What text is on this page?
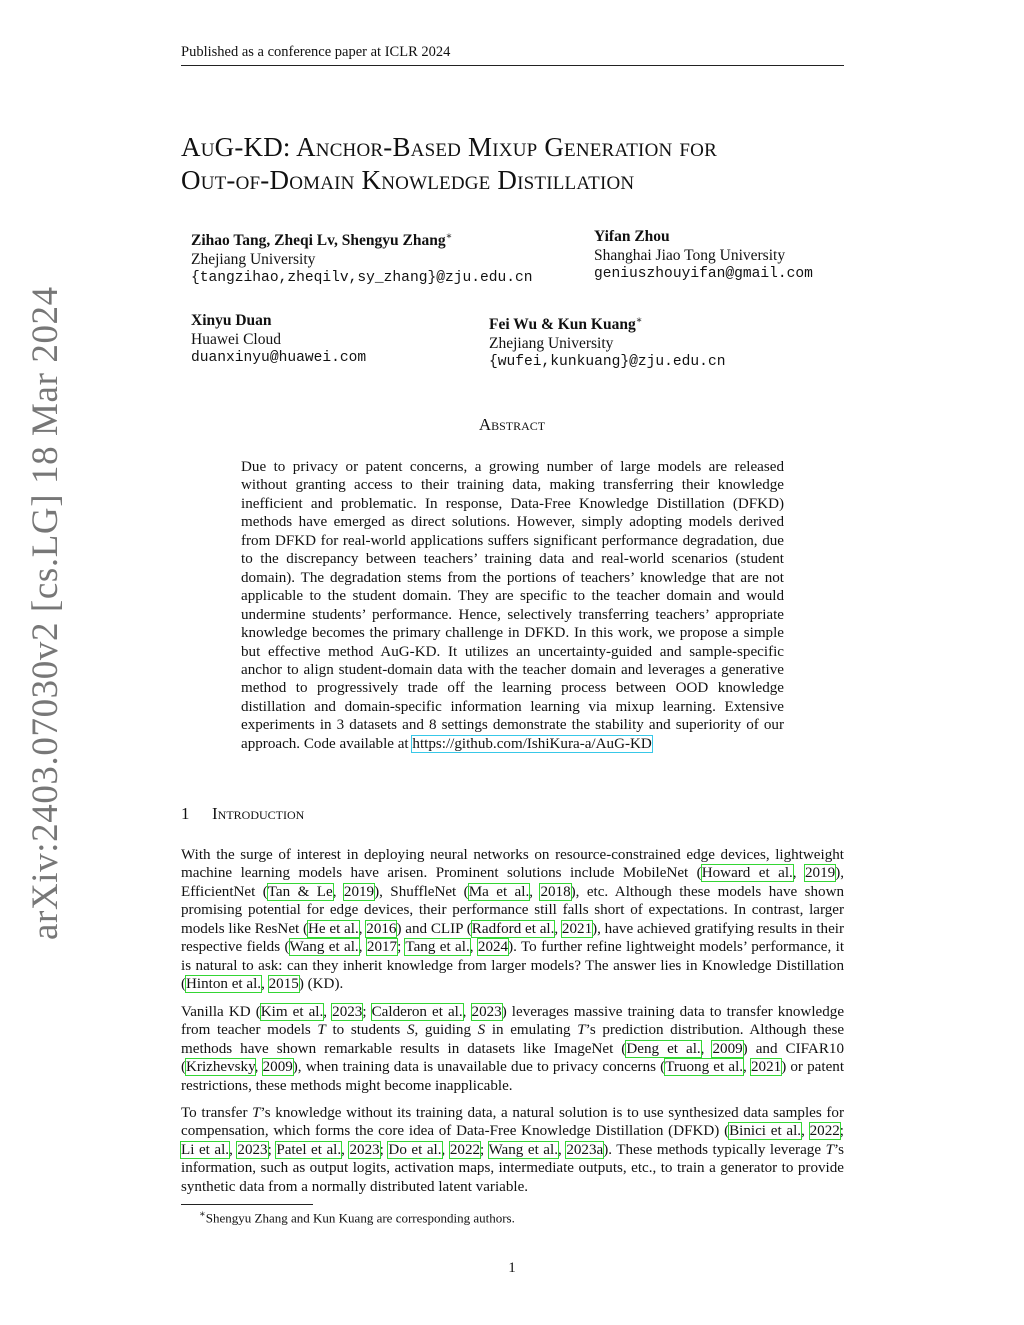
Published as a conference paper at ICLR 2024
AuG-KD: Anchor-Based Mixup Generation for
Out-of-Domain Knowledge Distillation
Zihao Tang, Zheqi Lv, Shengyu Zhang∗
Zhejiang University
{tangzihao,zheqilv,sy_zhang}@zju.edu.cn
Yifan Zhou
Shanghai Jiao Tong University
geniuszhouyifan@gmail.com
Xinyu Duan
Huawei Cloud
duanxinyu@huawei.com
Fei Wu & Kun Kuang∗
Zhejiang University
{wufei,kunkuang}@zju.edu.cn
Abstract
Due to privacy or patent concerns, a growing number of large models are released without granting access to their training data, making transferring their knowledge inefficient and problematic. In response, Data-Free Knowledge Distillation (DFKD) methods have emerged as direct solutions. However, simply adopting models derived from DFKD for real-world applications suffers significant performance degradation, due to the discrepancy between teachers’ training data and real-world scenarios (student domain). The degradation stems from the portions of teachers’ knowledge that are not applicable to the student domain. They are specific to the teacher domain and would undermine students’ performance. Hence, selectively transferring teachers’ appropriate knowledge becomes the primary challenge in DFKD. In this work, we propose a simple but effective method AuG-KD. It utilizes an uncertainty-guided and sample-specific anchor to align student-domain data with the teacher domain and leverages a generative method to progressively trade off the learning process between OOD knowledge distillation and domain-specific information learning via mixup learning. Extensive experiments in 3 datasets and 8 settings demonstrate the stability and superiority of our approach. Code available at https://github.com/IshiKura-a/AuG-KD
1 Introduction
With the surge of interest in deploying neural networks on resource-constrained edge devices, lightweight machine learning models have arisen. Prominent solutions include MobileNet (Howard et al., 2019), EfficientNet (Tan & Le, 2019), ShuffleNet (Ma et al., 2018), etc. Although these models have shown promising potential for edge devices, their performance still falls short of expectations. In contrast, larger models like ResNet (He et al., 2016) and CLIP (Radford et al., 2021), have achieved gratifying results in their respective fields (Wang et al., 2017; Tang et al., 2024). To further refine lightweight models’ performance, it is natural to ask: can they inherit knowledge from larger models? The answer lies in Knowledge Distillation (Hinton et al., 2015) (KD).
Vanilla KD (Kim et al., 2023; Calderon et al., 2023) leverages massive training data to transfer knowledge from teacher models T to students S, guiding S in emulating T’s prediction distribution. Although these methods have shown remarkable results in datasets like ImageNet (Deng et al., 2009) and CIFAR10 (Krizhevsky, 2009), when training data is unavailable due to privacy concerns (Truong et al., 2021) or patent restrictions, these methods might become inapplicable.
To transfer T’s knowledge without its training data, a natural solution is to use synthesized data samples for compensation, which forms the core idea of Data-Free Knowledge Distillation (DFKD) (Binici et al., 2022; Li et al., 2023; Patel et al., 2023; Do et al., 2022; Wang et al., 2023a). These methods typically leverage T’s information, such as output logits, activation maps, intermediate outputs, etc., to train a generator to provide synthetic data from a normally distributed latent variable.
∗Shengyu Zhang and Kun Kuang are corresponding authors.
1
arXiv:2403.07030v2 [cs.LG] 18 Mar 2024
